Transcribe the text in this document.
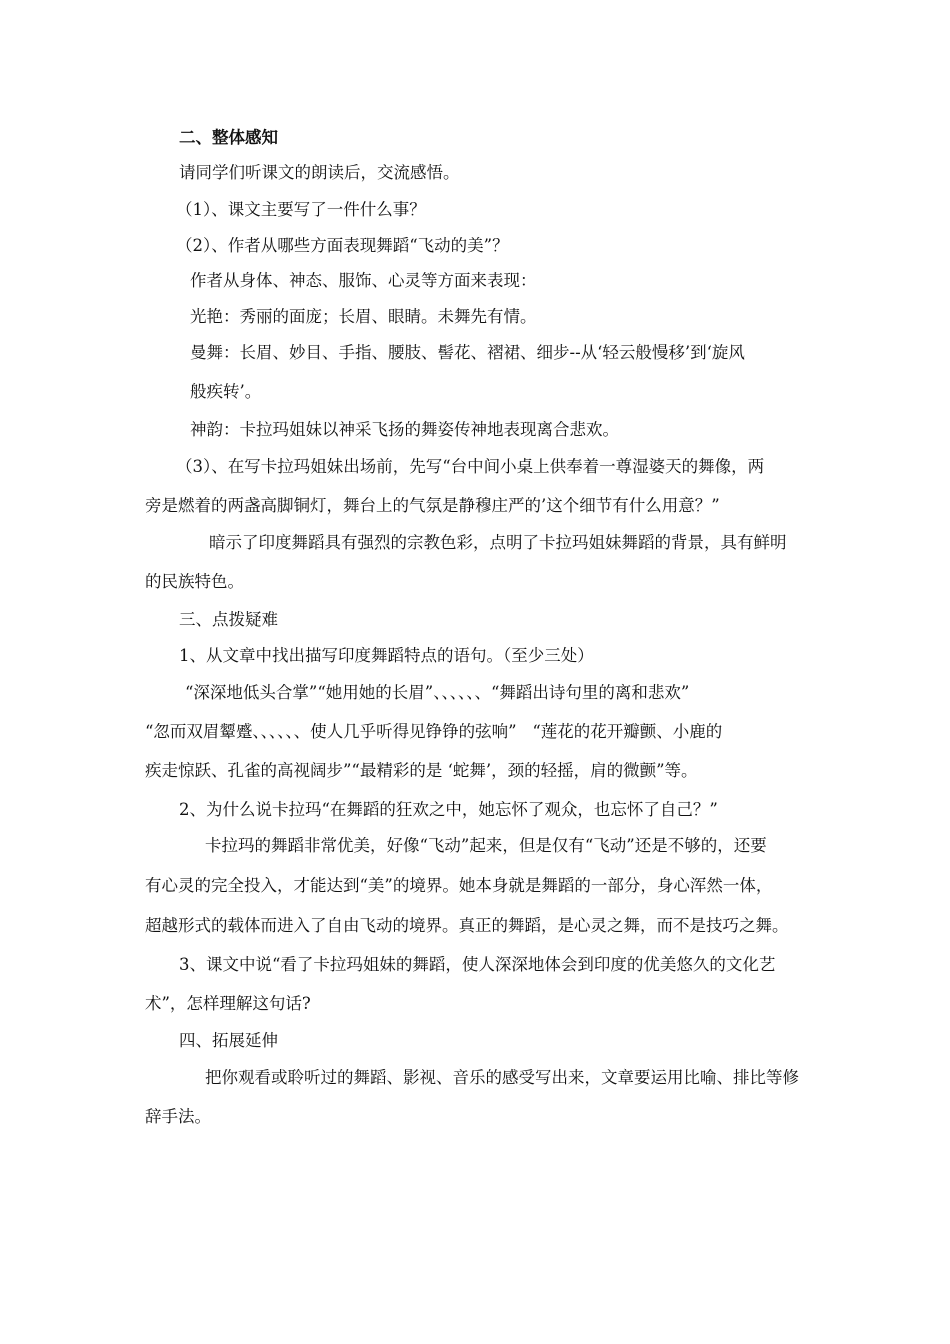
二、整体感知
请同学们听课文的朗读后，交流感悟。
（1）、课文主要写了一件什么事？
（2）、作者从哪些方面表现舞蹈“飞动的美”？
作者从身体、神态、服饰、心灵等方面来表现：
光艳：秀丽的面庞；长眉、眼睛。未舞先有情。
曼舞：长眉、妙目、手指、腰肢、髻花、褶裙、细步--从‘轻云般慢移’到‘旋风
般疾转’。
神韵：卡拉玛姐妹以神采飞扬的舞姿传神地表现离合悲欢。
（3）、在写卡拉玛姐妹出场前，先写“台中间小桌上供奉着一尊湿婆天的舞像，两
旁是燃着的两盏高脚铜灯，舞台上的气氛是静穆庄严的’这个细节有什么用意？”
暗示了印度舞蹈具有强烈的宗教色彩，点明了卡拉玛姐妹舞蹈的背景，具有鲜明
的民族特色。
三、点拨疑难
1、从文章中找出描写印度舞蹈特点的语句。（至少三处）
“深深地低头合掌”“她用她的长眉”、、、、、、“舞蹈出诗句里的离和悲欢”
“忽而双眉颦蹙、、、、、、使人几乎听得见铮铮的弦响”   “莲花的花开瓣颤、小鹿的
疾走惊跃、孔雀的高视阔步”“最精彩的是 ‘蛇舞’，颈的轻摇，肩的微颤”等。
2、为什么说卡拉玛“在舞蹈的狂欢之中，她忘怀了观众，也忘怀了自己？”
卡拉玛的舞蹈非常优美，好像“飞动”起来，但是仅有“飞动”还是不够的，还要
有心灵的完全投入，才能达到“美”的境界。她本身就是舞蹈的一部分，身心浑然一体，
超越形式的载体而进入了自由飞动的境界。真正的舞蹈，是心灵之舞，而不是技巧之舞。
3、课文中说“看了卡拉玛姐妹的舞蹈，使人深深地体会到印度的优美悠久的文化艺
术”，怎样理解这句话?
四、拓展延伸
把你观看或聆听过的舞蹈、影视、音乐的感受写出来，文章要运用比喻、排比等修
辞手法。
